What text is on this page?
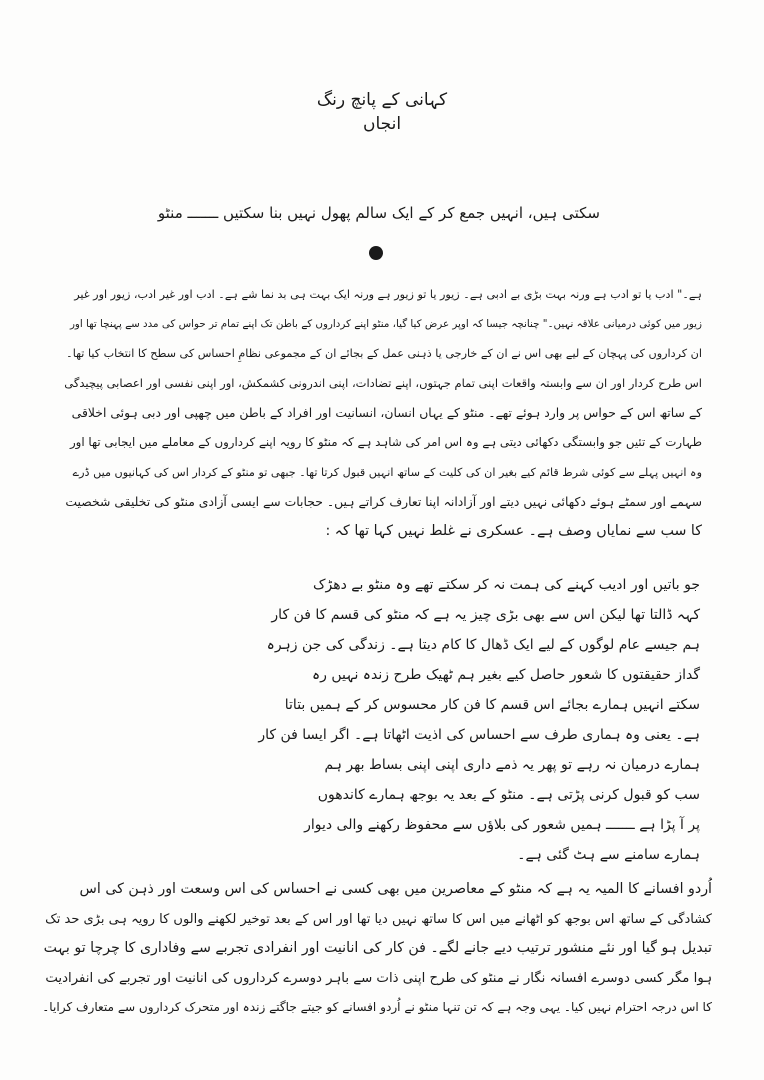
کہانی کے پانچ رنگ
انجاں
سکتی ہیں، انہیں جمع کر کے ایک سالم پھول نہیں بنا سکتیں ـــــــ منٹو
ہے۔" ادب یا تو ادب ہے ورنہ بہت بڑی بے ادبی ہے۔ زیور یا تو زیور ہے ورنہ ایک بہت ہی بد نما شے ہے۔ ادب اور غیر ادب، زیور اور غیر
زیور میں کوئی درمیانی علاقہ نہیں۔" چنانچہ جیسا کہ اوپر عرض کیا گیا، منٹو اپنے کرداروں کے باطن تک اپنے تمام تر حواس کی مدد سے پہنچا تھا اور
ان کرداروں کی پہچان کے لیے بھی اس نے ان کے خارجی یا ذہنی عمل کے بجائے ان کے مجموعی نظامِ احساس کی سطح کا انتخاب کیا تھا۔
اس طرح کردار اور ان سے وابستہ واقعات اپنی تمام جہتوں، اپنے تضادات، اپنی اندرونی کشمکش، اور اپنی نفسی اور اعصابی پیچیدگی
کے ساتھ اس کے حواس پر وارد ہوئے تھے۔ منٹو کے یہاں انسان، انسانیت اور افراد کے باطن میں چھپی اور دبی ہوئی اخلاقی
طہارت کے تئیں جو وابستگی دکھائی دیتی ہے وہ اس امر کی شاہد ہے کہ منٹو کا رویہ اپنے کرداروں کے معاملے میں ایجابی تھا اور
وہ انہیں پہلے سے کوئی شرط قائم کیے بغیر ان کی کلیت کے ساتھ انہیں قبول کرتا تھا۔ جبھی تو منٹو کے کردار اس کی کہانیوں میں ڈرے
سہمے اور سمٹے ہوئے دکھائی نہیں دیتے اور آزادانہ اپنا تعارف کراتے ہیں۔ حجابات سے ایسی آزادی منٹو کی تخلیقی شخصیت
کا سب سے نمایاں وصف ہے۔ عسکری نے غلط نہیں کہا تھا کہ :
جو باتیں اور ادیب کہنے کی ہمت نہ کر سکتے تھے وہ منٹو بے دھڑک
کہہ ڈالتا تھا لیکن اس سے بھی بڑی چیز یہ ہے کہ منٹو کی قسم کا فن کار
ہم جیسے عام لوگوں کے لیے ایک ڈھال کا کام دیتا ہے۔ زندگی کی جن زہرہ
گداز حقیقتوں کا شعور حاصل کیے بغیر ہم ٹھیک طرح زندہ نہیں رہ
سکتے انہیں ہمارے بجائے اس قسم کا فن کار محسوس کر کے ہمیں بتاتا
ہے۔ یعنی وہ ہماری طرف سے احساس کی اذیت اٹھاتا ہے۔ اگر ایسا فن کار
ہمارے درمیان نہ رہے تو پھر یہ ذمے داری اپنی اپنی بساط بھر ہم
سب کو قبول کرنی پڑتی ہے۔ منٹو کے بعد یہ بوجھ ہمارے کاندھوں
پر آ پڑا ہے ـــــــ ہمیں شعور کی بلاؤں سے محفوظ رکھنے والی دیوار
ہمارے سامنے سے ہٹ گئی ہے۔
اُردو افسانے کا المیہ یہ ہے کہ منٹو کے معاصرین میں بھی کسی نے احساس کی اس وسعت اور ذہن کی اس
کشادگی کے ساتھ اس بوجھ کو اٹھانے میں اس کا ساتھ نہیں دیا تھا اور اس کے بعد توخیر لکھنے والوں کا رویہ ہی بڑی حد تک
تبدیل ہو گیا اور نئے منشور ترتیب دیے جانے لگے۔ فن کار کی انانیت اور انفرادی تجربے سے وفاداری کا چرچا تو بہت
ہوا مگر کسی دوسرے افسانہ نگار نے منٹو کی طرح اپنی ذات سے باہر دوسرے کرداروں کی انانیت اور تجربے کی انفرادیت
کا اس درجہ احترام نہیں کیا۔ یہی وجہ ہے کہ تن تنہا منٹو نے اُردو افسانے کو جیتے جاگتے زندہ اور متحرک کرداروں سے متعارف کرایا۔
